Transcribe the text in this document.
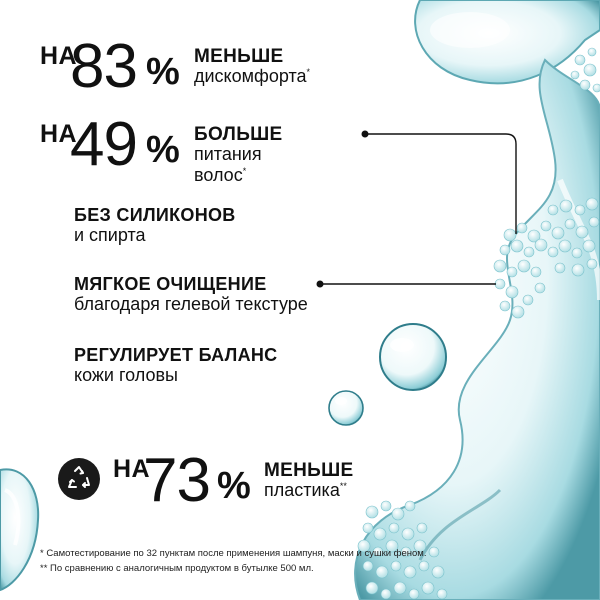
НА
83 % МЕНЬШЕ
дискомфорта*
НА
49 % БОЛЬШЕ
питания волос*
БЕЗ СИЛИКОНОВ
и спирта
МЯГКОЕ ОЧИЩЕНИЕ
благодаря гелевой текстуре
РЕГУЛИРУЕТ БАЛАНС
кожи головы
НА
73 % МЕНЬШЕ
пластика**
* Самотестирование по 32 пунктам после применения шампуня, маски и сушки феном.
** По сравнению с аналогичным продуктом в бутылке 500 мл.
